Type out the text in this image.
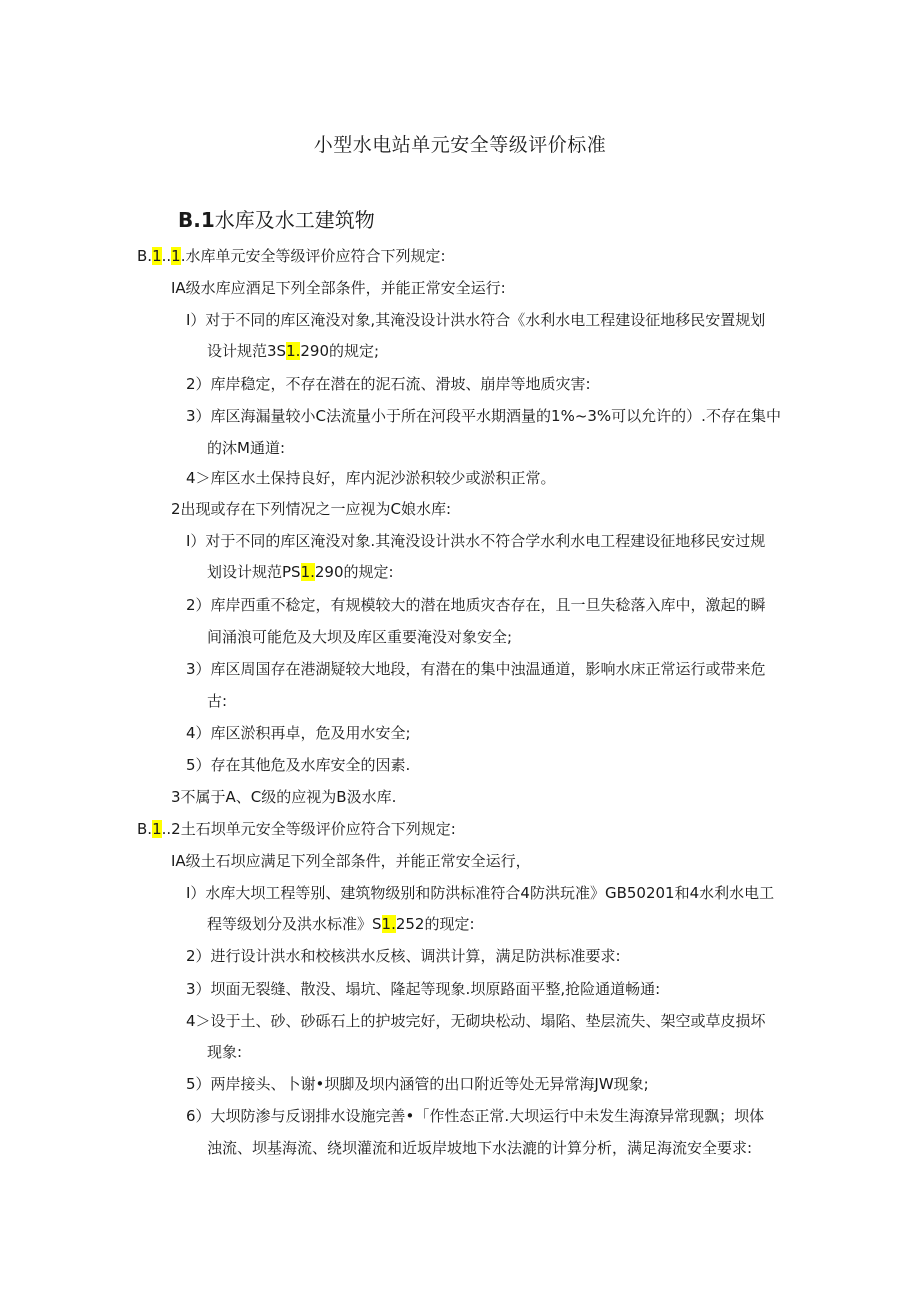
小型水电站单元安全等级评价标准
B.1水库及水工建筑物
B.1..1.水库单元安全等级评价应符合下列规定:
IA级水库应酒足下列全部条件，并能正常安全运行:
I）对于不同的库区淹没对象,其淹没设计洪水符合《水利水电工程建设征地移民安置规划
设计规范3S1.290的规定;
2）库岸稳定，不存在潜在的泥石流、滑坡、崩岸等地质灾害:
3）库区海漏量较小C法流量小于所在河段平水期酒量的1%~3%可以允许的）.不存在集中
的沐M通道:
4＞库区水土保持良好，库内泥沙淤积较少或淤积正常。
2出现或存在下列情况之一应视为C娘水库:
I）对于不同的库区淹没对象.其淹没设计洪水不符合学水利水电工程建设征地移民安过规
划设计规范PS1.290的规定:
2）库岸西重不稔定，有规模较大的潜在地质灾杏存在，且一旦失稔落入库中，激起的瞬
间涌浪可能危及大坝及库区重要淹没对象安全;
3）库区周国存在港湖疑较大地段，有潜在的集中浊温通道，影响水床正常运行或带来危
古:
4）库区淤积再卓，危及用水安全;
5）存在其他危及水库安全的因素.
3不属于A、C级的应视为B汲水库.
B.1..2土石坝单元安全等级评价应符合下列规定:
IA级土石坝应满足下列全部条件，并能正常安全运行，
I）水库大坝工程等别、建筑物级别和防洪标准符合4防洪玩准》GB50201和4水利水电工
程等级划分及洪水标准》S1.252的现定:
2）进行设计洪水和校核洪水反核、调洪计算，满足防洪标准要求:
3）坝面无裂缝、散没、塌坑、隆起等现象.坝原路面平整,抢险通道畅通:
4＞设于土、砂、砂砾石上的护坡完好，无砌块松动、塌陷、垫层流失、架空或草皮损坏
现象:
5）两岸接头、卜谢•坝脚及坝内涵管的出口附近等处无异常海JW现象;
6）大坝防渗与反诩排水设施完善•「作性态正常.大坝运行中未发生海潦异常现飘；坝体
浊流、坝基海流、绕坝灌流和近坂岸坡地下水法漉的计算分析，满足海流安全要求:
